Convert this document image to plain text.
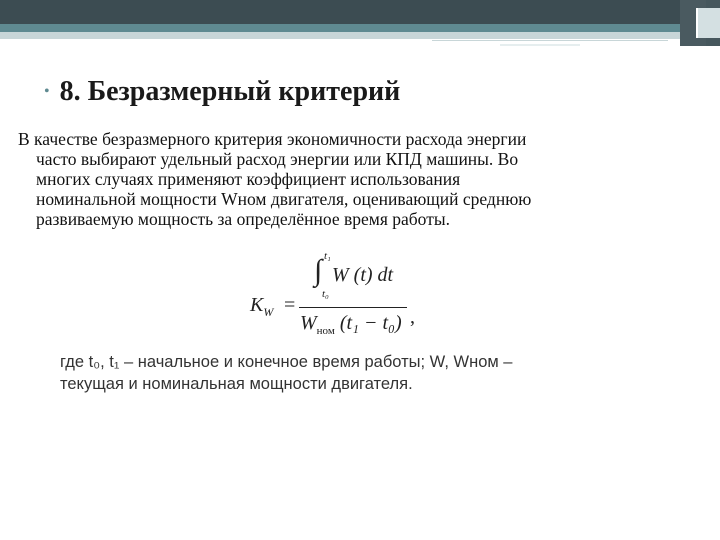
• 8. Безразмерный критерий
В качестве безразмерного критерия экономичности расхода энергии
часто выбирают удельный расход энергии или КПД машины. Во
многих случаях применяют коэффициент использования
номинальной мощности Wном двигателя, оценивающий среднюю
развиваемую мощность за определённое время работы.
$K_W$ =
∫ t₁
t₀
W (t) dt
$W_{ном}$ (t₁ − t₀) ,
где t₀, t₁ – начальное и конечное время работы; W, Wном –
текущая и номинальная мощности двигателя.
